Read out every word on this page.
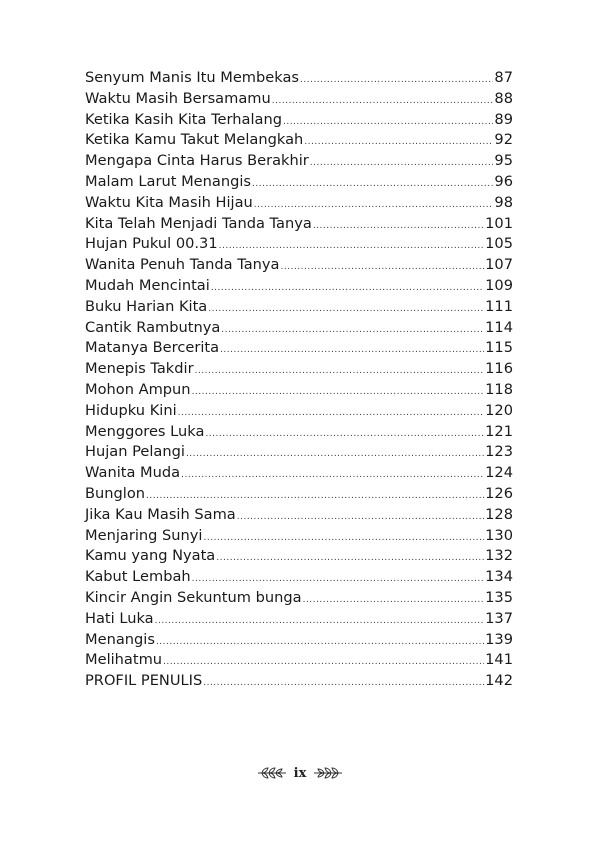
Senyum Manis Itu Membekas .....	87
Waktu Masih Bersamamu .....	88
Ketika Kasih Kita Terhalang .....	89
Ketika Kamu Takut Melangkah .....	92
Mengapa Cinta Harus Berakhir .....	95
Malam Larut Menangis .....	96
Waktu Kita Masih Hijau .....	98
Kita Telah Menjadi Tanda Tanya .....	101
Hujan Pukul 00.31 .....	105
Wanita Penuh Tanda Tanya .....	107
Mudah Mencintai .....	109
Buku Harian Kita .....	111
Cantik Rambutnya .....	114
Matanya Bercerita .....	115
Menepis Takdir .....	116
Mohon Ampun .....	118
Hidupku Kini .....	120
Menggores Luka .....	121
Hujan Pelangi .....	123
Wanita Muda .....	124
Bunglon .....	126
Jika Kau Masih Sama .....	128
Menjaring Sunyi .....	130
Kamu yang Nyata .....	132
Kabut Lembah .....	134
Kincir Angin Sekuntum bunga .....	135
Hati Luka .....	137
Menangis .....	139
Melihatmu .....	141
PROFIL PENULIS .....	142
ix
